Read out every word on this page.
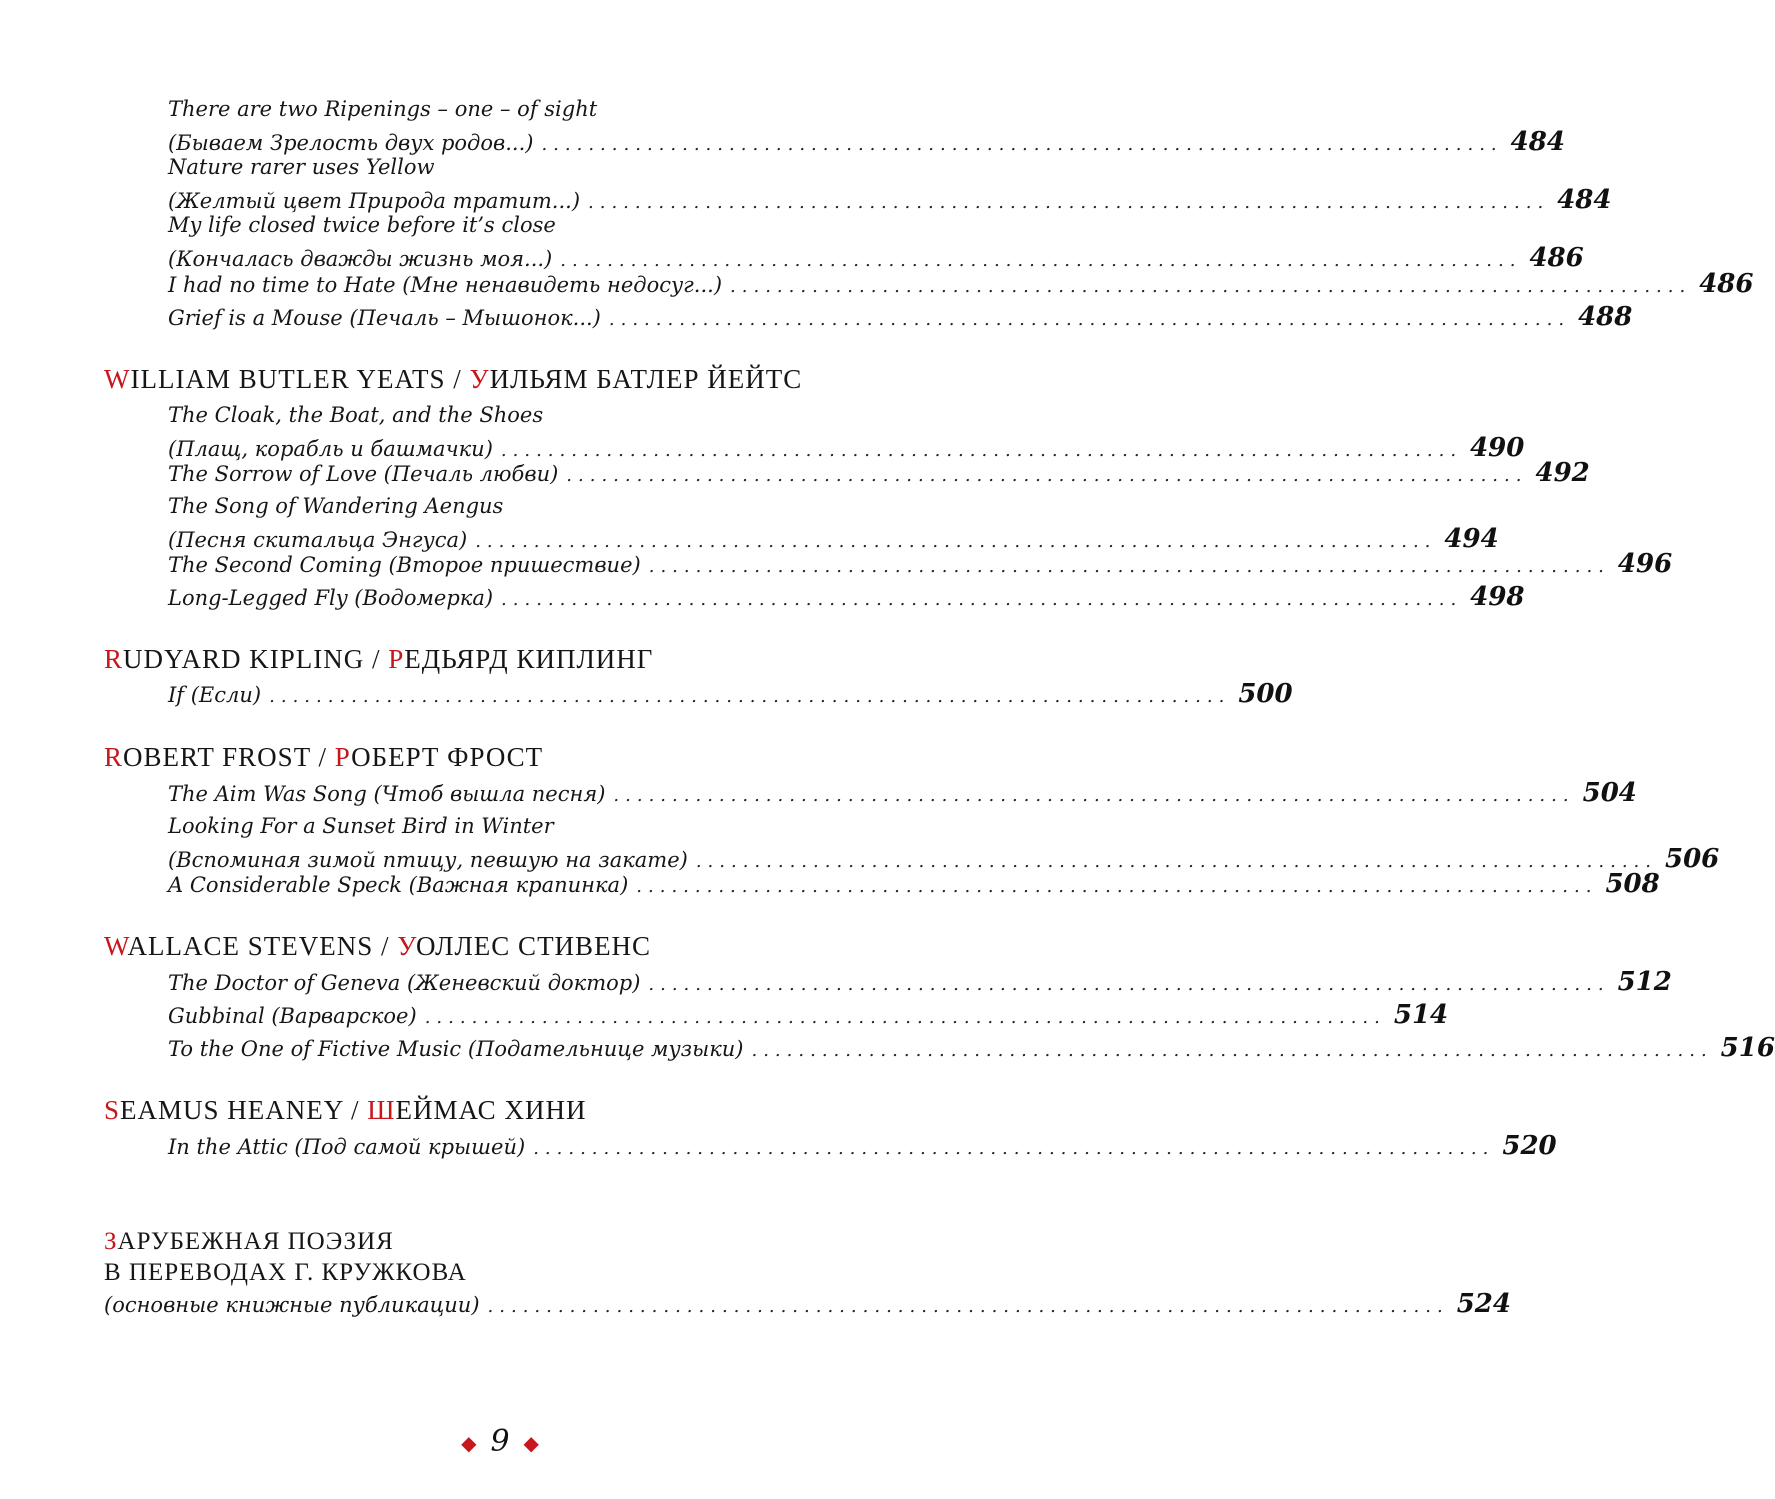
There are two Ripenings – one – of sight
(Бываем Зрелость двух родов...) .................................................................................. 484
Nature rarer uses Yellow
(Желтый цвет Природа тратит...) .................................................................................. 484
My life closed twice before it’s close
(Кончалась дважды жизнь моя...) .................................................................................. 486
I had no time to Hate (Мне ненавидеть недосуг...) .................................................................................. 486
Grief is a Mouse (Печаль – Мышонок...) .................................................................................. 488
WILLIAM BUTLER YEATS / УИЛЬЯМ БАТЛЕР ЙЕЙТС
The Cloak, the Boat, and the Shoes
(Плащ, корабль и башмачки) .................................................................................. 490
The Sorrow of Love (Печаль любви) .................................................................................. 492
The Song of Wandering Aengus
(Песня скитальца Энгуса) .................................................................................. 494
The Second Coming (Второе пришествие) .................................................................................. 496
Long-Legged Fly (Водомерка) .................................................................................. 498
RUDYARD KIPLING / РЕДЬЯРД КИПЛИНГ
If (Если) .................................................................................. 500
ROBERT FROST / РОБЕРТ ФРОСТ
The Aim Was Song (Чтоб вышла песня) .................................................................................. 504
Looking For a Sunset Bird in Winter
(Вспоминая зимой птицу, певшую на закате) .................................................................................. 506
A Considerable Speck (Важная крапинка) .................................................................................. 508
WALLACE STEVENS / УОЛЛЕС СТИВЕНС
The Doctor of Geneva (Женевский доктор) .................................................................................. 512
Gubbinal (Варварское) .................................................................................. 514
To the One of Fictive Music (Подательнице музыки) .................................................................................. 516
SEAMUS HEANEY / ШЕЙМАС ХИНИ
In the Attic (Под самой крышей) .................................................................................. 520
ЗАРУБЕЖНАЯ ПОЭЗИЯ
В ПЕРЕВОДАХ Г. КРУЖКОВА
(основные книжные публикации) .................................................................................. 524
◆ 9 ◆
